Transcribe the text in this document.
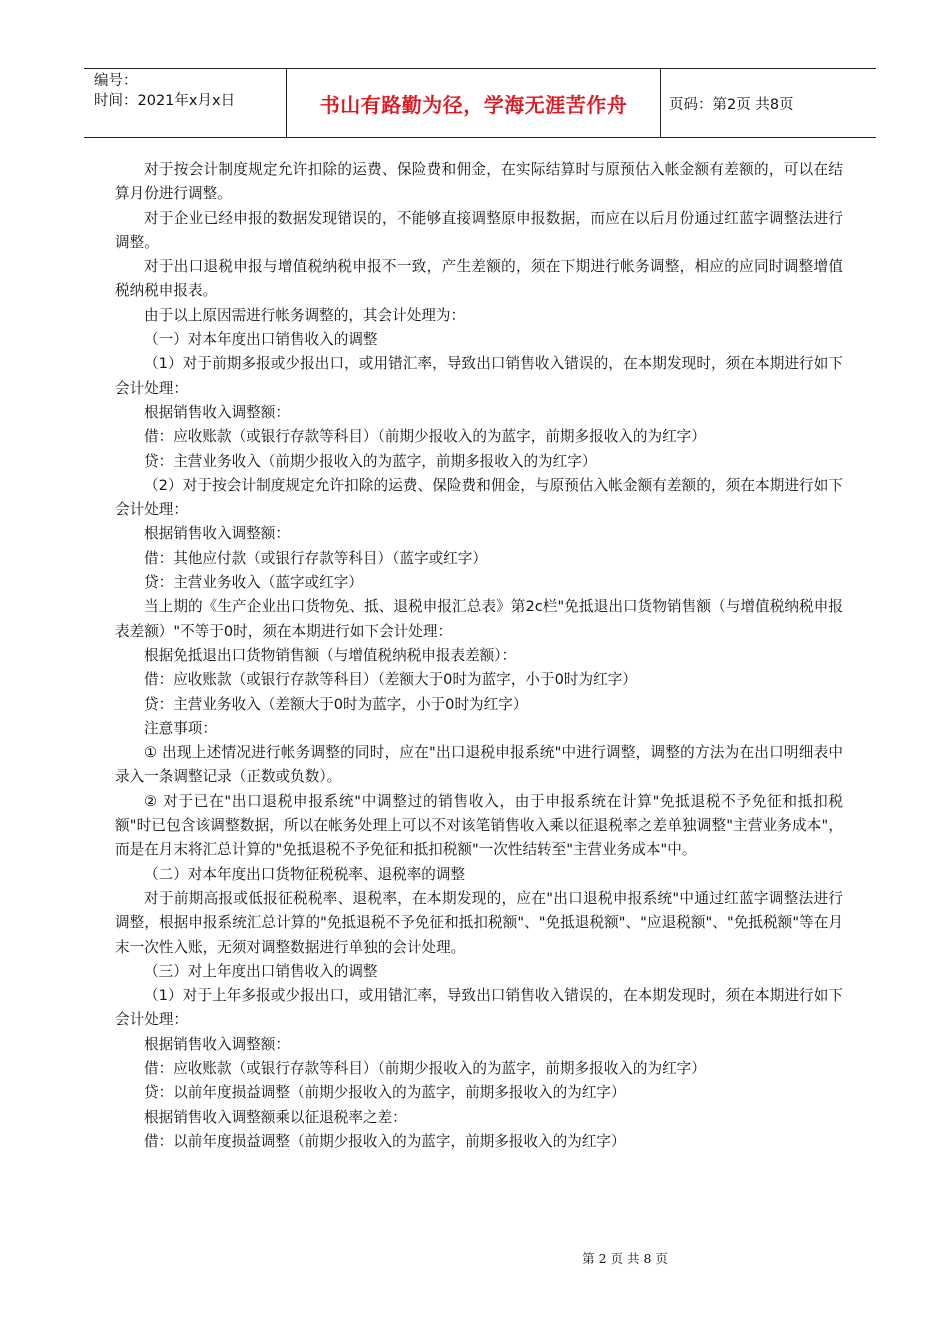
编号：
时间：2021年x月x日	书山有路勤为径，学海无涯苦作舟	页码：第2页 共8页

对于按会计制度规定允许扣除的运费、保险费和佣金，在实际结算时与原预估入帐金额有差额的，可以在结算月份进行调整。

对于企业已经申报的数据发现错误的，不能够直接调整原申报数据，而应在以后月份通过红蓝字调整法进行调整。

对于出口退税申报与增值税纳税申报不一致，产生差额的，须在下期进行帐务调整，相应的应同时调整增值税纳税申报表。

由于以上原因需进行帐务调整的，其会计处理为：

（一）对本年度出口销售收入的调整

（1）对于前期多报或少报出口，或用错汇率，导致出口销售收入错误的，在本期发现时，须在本期进行如下会计处理：

根据销售收入调整额：

借：应收账款（或银行存款等科目）（前期少报收入的为蓝字，前期多报收入的为红字）

贷：主营业务收入（前期少报收入的为蓝字，前期多报收入的为红字）

（2）对于按会计制度规定允许扣除的运费、保险费和佣金，与原预估入帐金额有差额的，须在本期进行如下会计处理：

根据销售收入调整额：

借：其他应付款（或银行存款等科目）（蓝字或红字）

贷：主营业务收入（蓝字或红字）

当上期的《生产企业出口货物免、抵、退税申报汇总表》第2c栏"免抵退出口货物销售额（与增值税纳税申报表差额）"不等于0时，须在本期进行如下会计处理：

根据免抵退出口货物销售额（与增值税纳税申报表差额）：

借：应收账款（或银行存款等科目）（差额大于0时为蓝字，小于0时为红字）

贷：主营业务收入（差额大于0时为蓝字，小于0时为红字）

注意事项：

① 出现上述情况进行帐务调整的同时，应在"出口退税申报系统"中进行调整，调整的方法为在出口明细表中录入一条调整记录（正数或负数）。

② 对于已在"出口退税申报系统"中调整过的销售收入，由于申报系统在计算"免抵退税不予免征和抵扣税额"时已包含该调整数据，所以在帐务处理上可以不对该笔销售收入乘以征退税率之差单独调整"主营业务成本"，而是在月末将汇总计算的"免抵退税不予免征和抵扣税额"一次性结转至"主营业务成本"中。

（二）对本年度出口货物征税税率、退税率的调整

对于前期高报或低报征税税率、退税率，在本期发现的，应在"出口退税申报系统"中通过红蓝字调整法进行调整，根据申报系统汇总计算的"免抵退税不予免征和抵扣税额"、"免抵退税额"、"应退税额"、"免抵税额"等在月末一次性入账，无须对调整数据进行单独的会计处理。

（三）对上年度出口销售收入的调整

（1）对于上年多报或少报出口，或用错汇率，导致出口销售收入错误的，在本期发现时，须在本期进行如下会计处理：

根据销售收入调整额：

借：应收账款（或银行存款等科目）（前期少报收入的为蓝字，前期多报收入的为红字）

贷：以前年度损益调整（前期少报收入的为蓝字，前期多报收入的为红字）

根据销售收入调整额乘以征退税率之差：

借：以前年度损益调整（前期少报收入的为蓝字，前期多报收入的为红字）

第 2 页 共 8 页
